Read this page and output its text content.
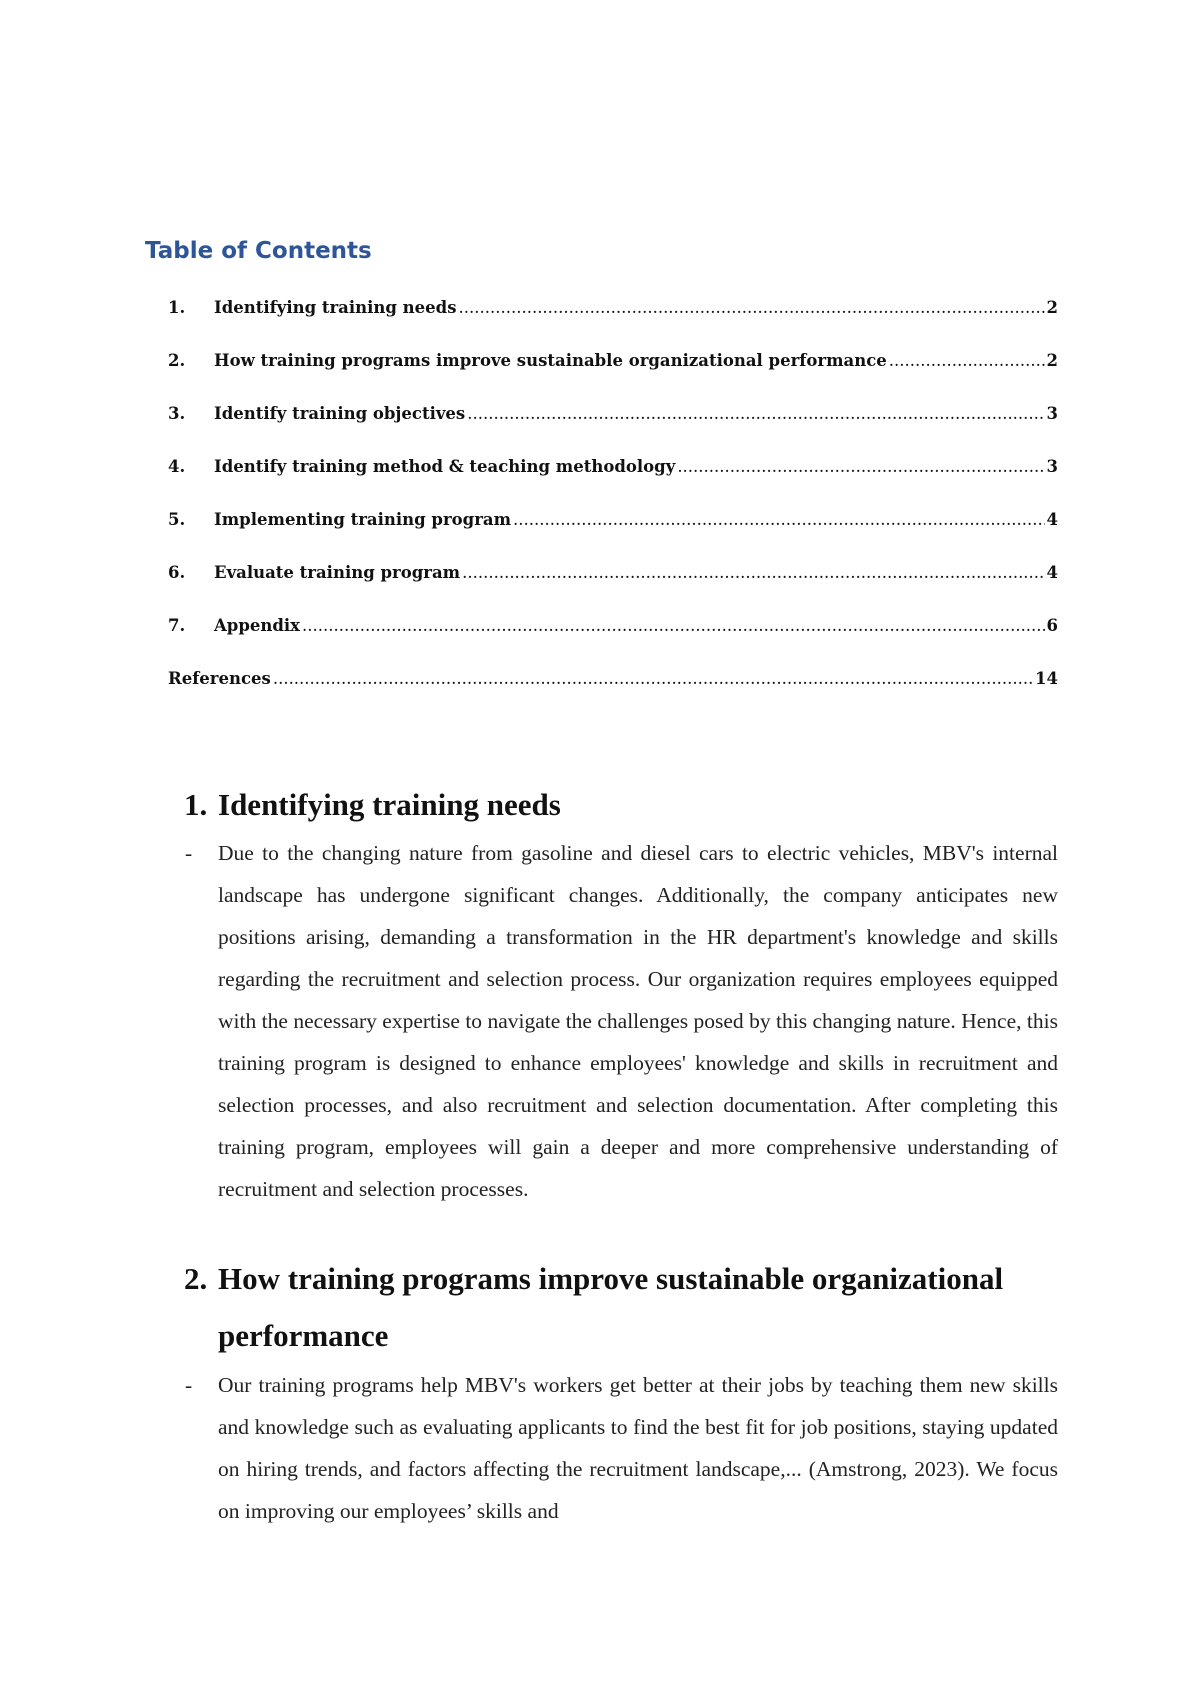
Table of Contents
1.	Identifying training needs .....	2
2.	How training programs improve sustainable organizational performance .....	2
3.	Identify training objectives .....	3
4.	Identify training method & teaching methodology .....	3
5.	Implementing training program .....	4
6.	Evaluate training program .....	4
7.	Appendix .....	6
References .....	14
1. Identifying training needs

- Due to the changing nature from gasoline and diesel cars to electric vehicles, MBV's internal landscape has undergone significant changes. Additionally, the company anticipates new positions arising, demanding a transformation in the HR department's knowledge and skills regarding the recruitment and selection process. Our organization requires employees equipped with the necessary expertise to navigate the challenges posed by this changing nature. Hence, this training program is designed to enhance employees' knowledge and skills in recruitment and selection processes, and also recruitment and selection documentation. After completing this training program, employees will gain a deeper and more comprehensive understanding of recruitment and selection processes.

2. How training programs improve sustainable organizational performance

- Our training programs help MBV's workers get better at their jobs by teaching them new skills and knowledge such as evaluating applicants to find the best fit for job positions, staying updated on hiring trends, and factors affecting the recruitment landscape,... (Amstrong, 2023). We focus on improving our employees’ skills and
